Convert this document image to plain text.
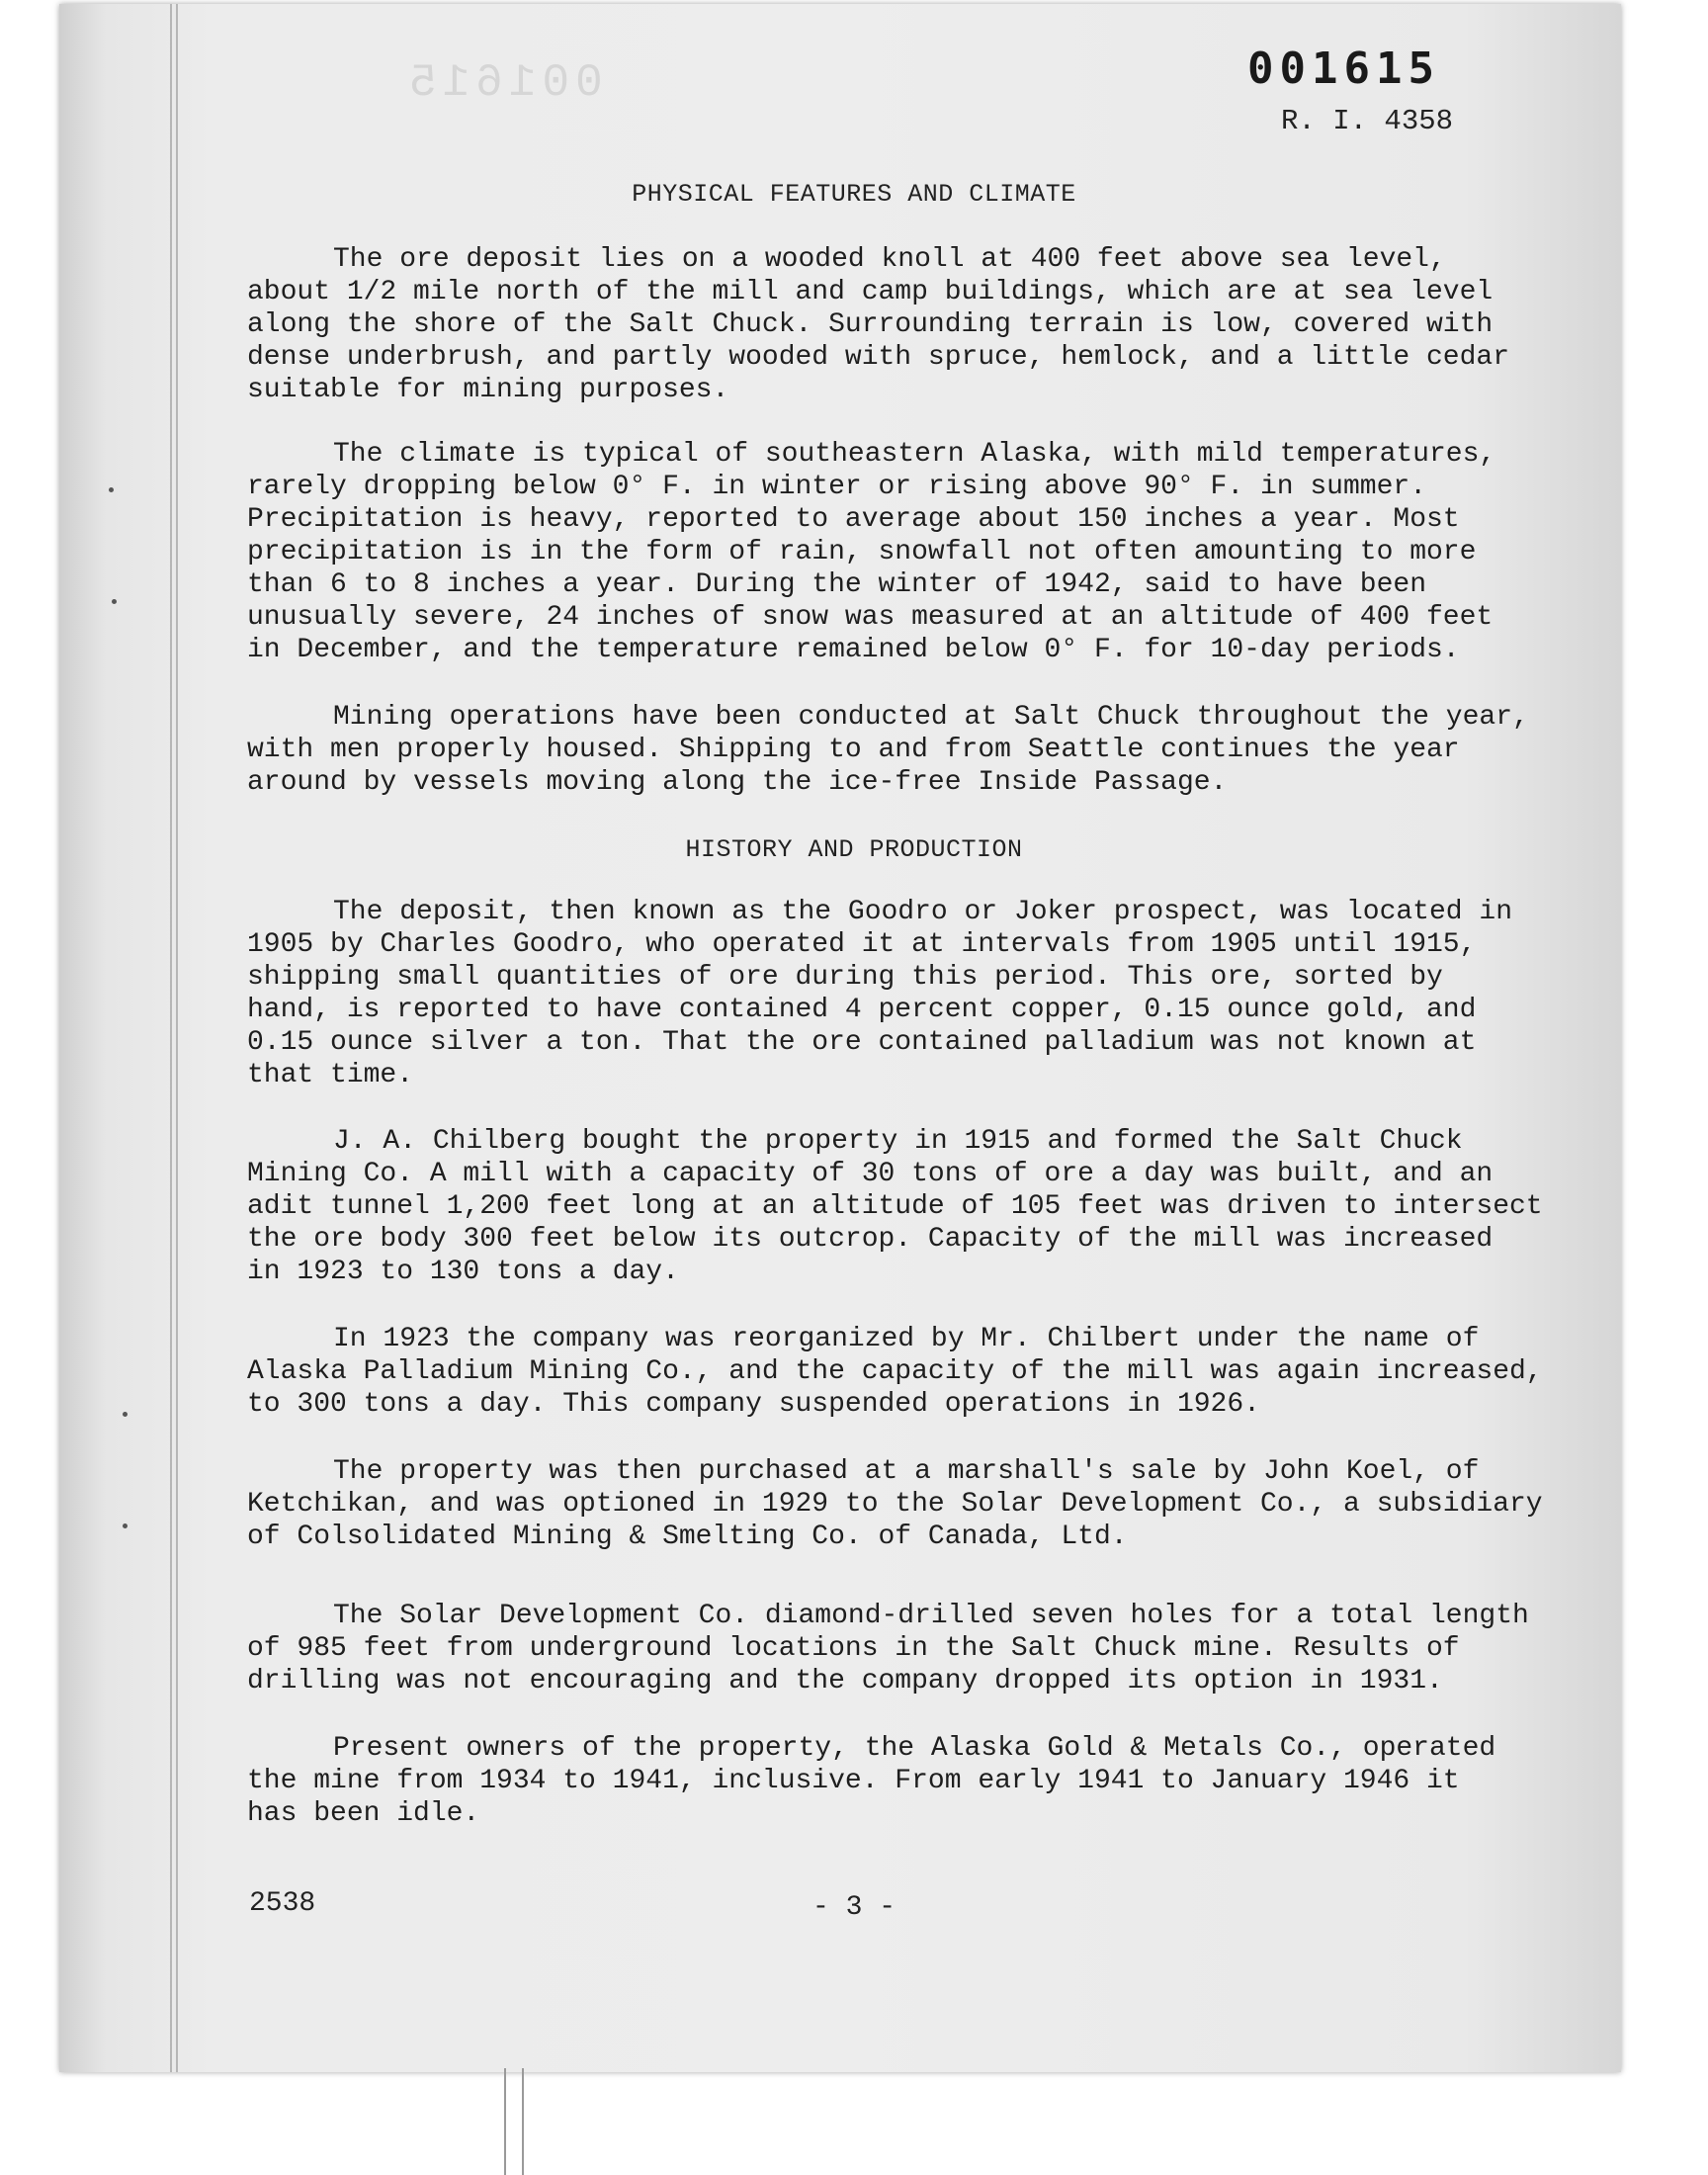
001615	001615
R. I. 4358
PHYSICAL FEATURES AND CLIMATE

The ore deposit lies on a wooded knoll at 400 feet above sea level,
about 1/2 mile north of the mill and camp buildings, which are at sea level
along the shore of the Salt Chuck. Surrounding terrain is low, covered with
dense underbrush, and partly wooded with spruce, hemlock, and a little cedar
suitable for mining purposes.

The climate is typical of southeastern Alaska, with mild temperatures,
rarely dropping below 0° F. in winter or rising above 90° F. in summer.
Precipitation is heavy, reported to average about 150 inches a year. Most
precipitation is in the form of rain, snowfall not often amounting to more
than 6 to 8 inches a year. During the winter of 1942, said to have been
unusually severe, 24 inches of snow was measured at an altitude of 400 feet
in December, and the temperature remained below 0° F. for 10-day periods.

Mining operations have been conducted at Salt Chuck throughout the year,
with men properly housed. Shipping to and from Seattle continues the year
around by vessels moving along the ice-free Inside Passage.

HISTORY AND PRODUCTION

The deposit, then known as the Goodro or Joker prospect, was located in
1905 by Charles Goodro, who operated it at intervals from 1905 until 1915,
shipping small quantities of ore during this period. This ore, sorted by
hand, is reported to have contained 4 percent copper, 0.15 ounce gold, and
0.15 ounce silver a ton. That the ore contained palladium was not known at
that time.

J. A. Chilberg bought the property in 1915 and formed the Salt Chuck
Mining Co. A mill with a capacity of 30 tons of ore a day was built, and an
adit tunnel 1,200 feet long at an altitude of 105 feet was driven to intersect
the ore body 300 feet below its outcrop. Capacity of the mill was increased
in 1923 to 130 tons a day.

In 1923 the company was reorganized by Mr. Chilbert under the name of
Alaska Palladium Mining Co., and the capacity of the mill was again increased,
to 300 tons a day. This company suspended operations in 1926.

The property was then purchased at a marshall's sale by John Koel, of
Ketchikan, and was optioned in 1929 to the Solar Development Co., a subsidiary
of Colsolidated Mining & Smelting Co. of Canada, Ltd.

The Solar Development Co. diamond-drilled seven holes for a total length
of 985 feet from underground locations in the Salt Chuck mine. Results of
drilling was not encouraging and the company dropped its option in 1931.

Present owners of the property, the Alaska Gold & Metals Co., operated
the mine from 1934 to 1941, inclusive. From early 1941 to January 1946 it
has been idle.

2538	- 3 -
